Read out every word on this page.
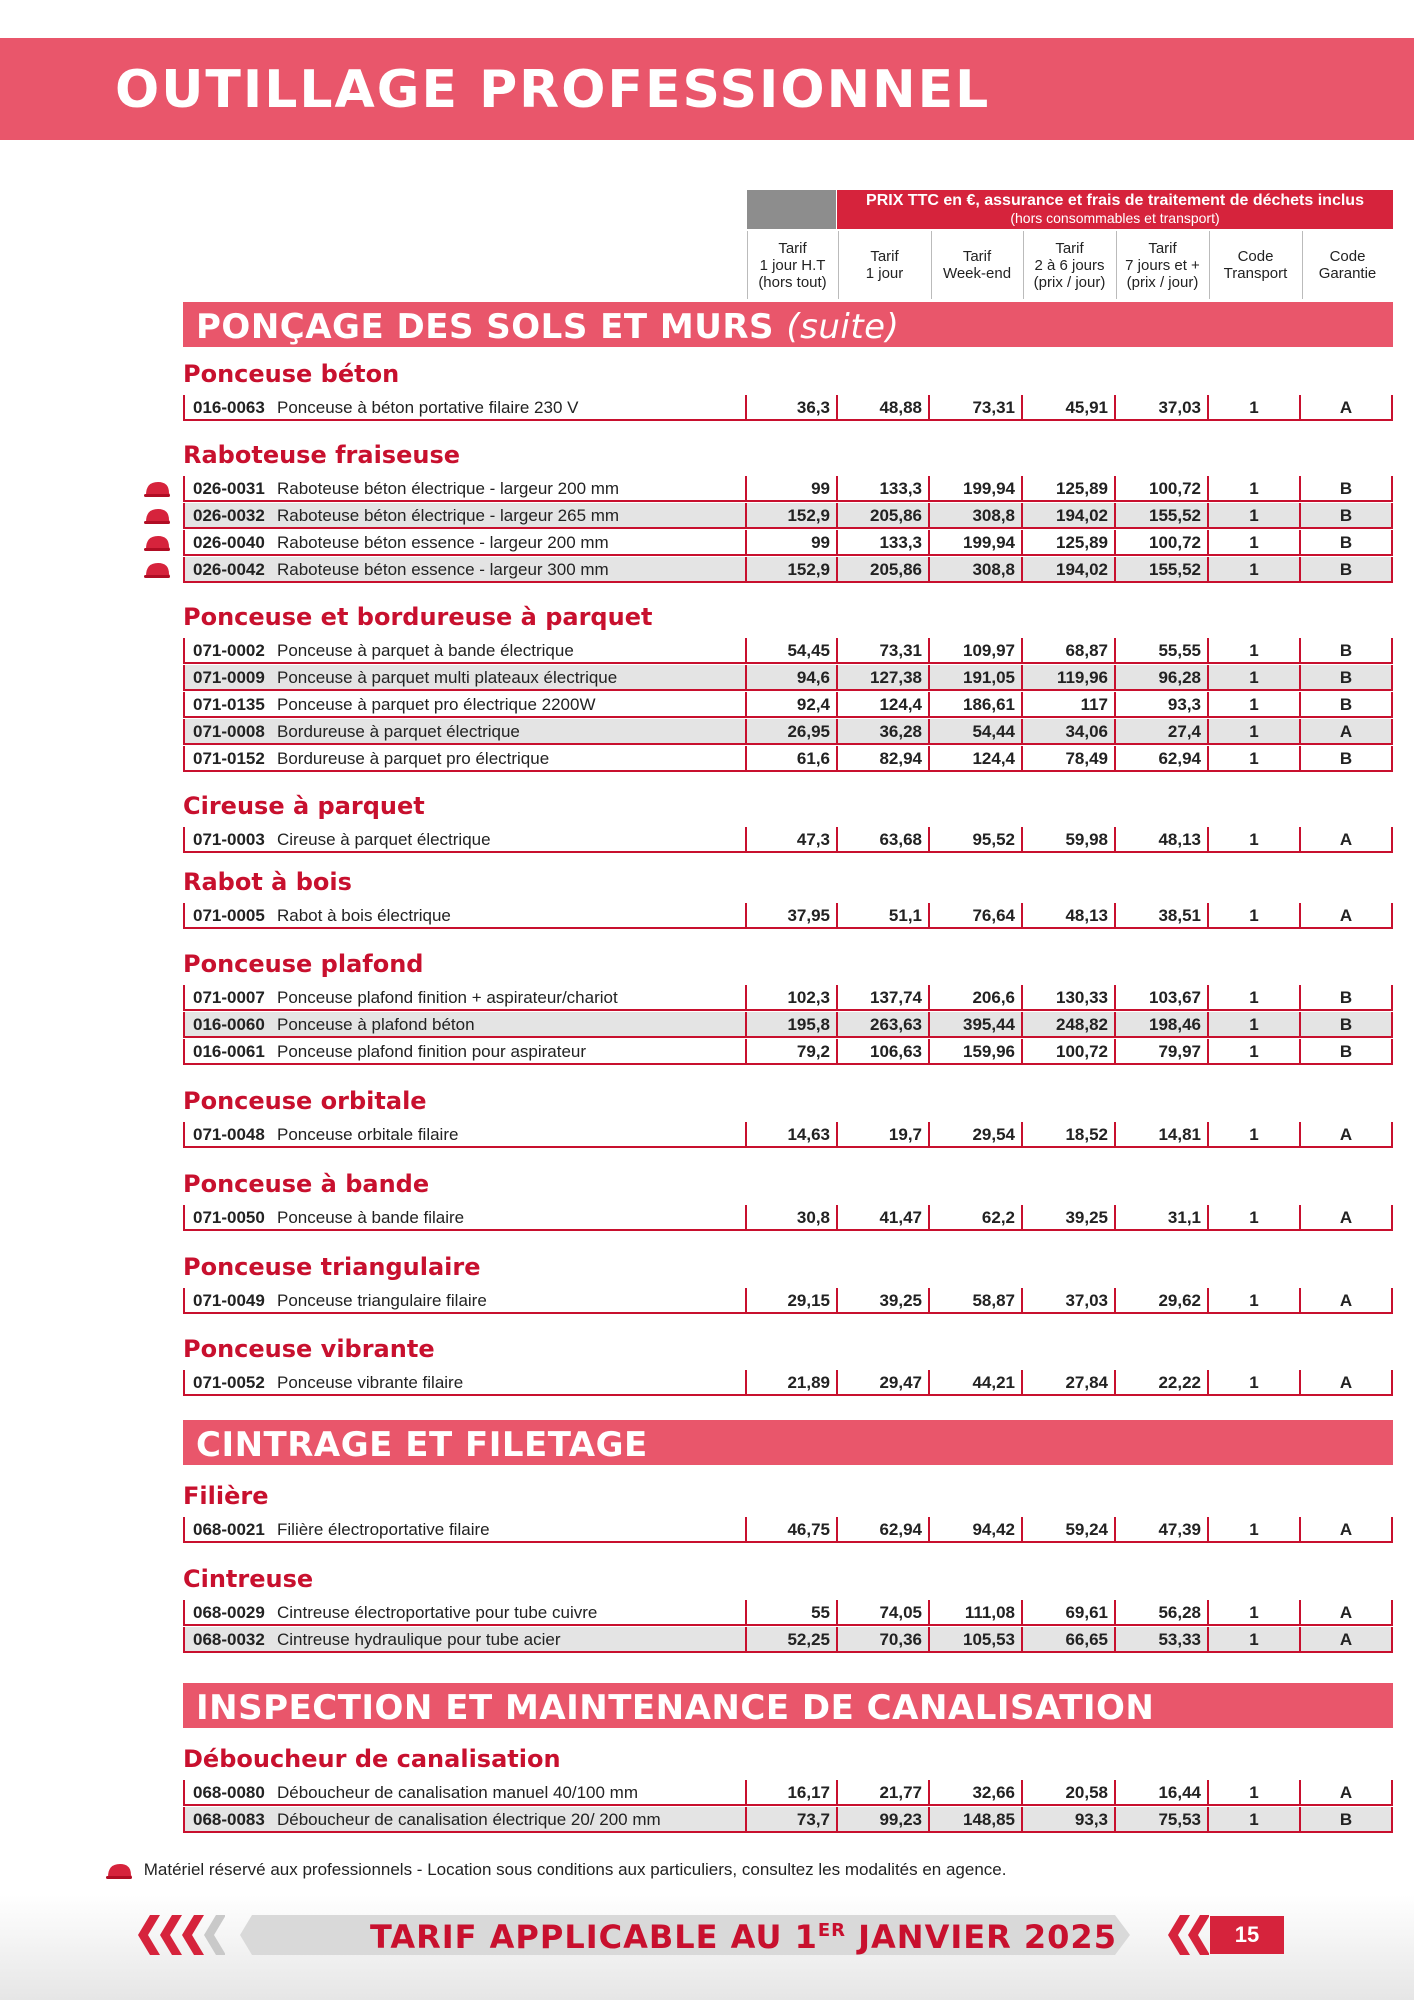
OUTILLAGE PROFESSIONNEL
PRIX TTC en €, assurance et frais de traitement de déchets inclus
(hors consommables et transport)
Tarif
1 jour H.T
(hors tout)
Tarif
1 jour
Tarif
Week-end
Tarif
2 à 6 jours
(prix / jour)
Tarif
7 jours et +
(prix / jour)
Code
Transport
Code
Garantie
PONÇAGE DES SOLS ET MURS (suite)
CINTRAGE ET FILETAGE
INSPECTION ET MAINTENANCE DE CANALISATION
Ponceuse béton
016-0063 Ponceuse à béton portative filaire 230 V	36,3	48,88	73,31	45,91	37,03	1	A
Raboteuse fraiseuse
026-0031 Raboteuse béton électrique - largeur 200 mm	99	133,3	199,94	125,89	100,72	1	B
026-0032 Raboteuse béton électrique - largeur 265 mm	152,9	205,86	308,8	194,02	155,52	1	B
026-0040 Raboteuse béton essence - largeur 200 mm	99	133,3	199,94	125,89	100,72	1	B
026-0042 Raboteuse béton essence - largeur 300 mm	152,9	205,86	308,8	194,02	155,52	1	B
Ponceuse et bordureuse à parquet
071-0002 Ponceuse à parquet à bande électrique	54,45	73,31	109,97	68,87	55,55	1	B
071-0009 Ponceuse à parquet multi plateaux électrique	94,6	127,38	191,05	119,96	96,28	1	B
071-0135 Ponceuse à parquet pro électrique 2200W	92,4	124,4	186,61	117	93,3	1	B
071-0008 Bordureuse à parquet électrique	26,95	36,28	54,44	34,06	27,4	1	A
071-0152 Bordureuse à parquet pro électrique	61,6	82,94	124,4	78,49	62,94	1	B
Cireuse à parquet
071-0003 Cireuse à parquet électrique	47,3	63,68	95,52	59,98	48,13	1	A
Rabot à bois
071-0005 Rabot à bois électrique	37,95	51,1	76,64	48,13	38,51	1	A
Ponceuse plafond
071-0007 Ponceuse plafond finition + aspirateur/chariot	102,3	137,74	206,6	130,33	103,67	1	B
016-0060 Ponceuse à plafond béton	195,8	263,63	395,44	248,82	198,46	1	B
016-0061 Ponceuse plafond finition pour aspirateur	79,2	106,63	159,96	100,72	79,97	1	B
Ponceuse orbitale
071-0048 Ponceuse orbitale filaire	14,63	19,7	29,54	18,52	14,81	1	A
Ponceuse à bande
071-0050 Ponceuse à bande filaire	30,8	41,47	62,2	39,25	31,1	1	A
Ponceuse triangulaire
071-0049 Ponceuse triangulaire filaire	29,15	39,25	58,87	37,03	29,62	1	A
Ponceuse vibrante
071-0052 Ponceuse vibrante filaire	21,89	29,47	44,21	27,84	22,22	1	A
Filière
068-0021 Filière électroportative filaire	46,75	62,94	94,42	59,24	47,39	1	A
Cintreuse
068-0029 Cintreuse électroportative pour tube cuivre	55	74,05	111,08	69,61	56,28	1	A
068-0032 Cintreuse hydraulique pour tube acier	52,25	70,36	105,53	66,65	53,33	1	A
Déboucheur de canalisation
068-0080 Déboucheur de canalisation manuel 40/100 mm	16,17	21,77	32,66	20,58	16,44	1	A
068-0083 Déboucheur de canalisation électrique 20/ 200 mm	73,7	99,23	148,85	93,3	75,53	1	B
Matériel réservé aux professionnels - Location sous conditions aux particuliers, consultez les modalités en agence.
TARIF APPLICABLE AU 1ER JANVIER 2025	15
